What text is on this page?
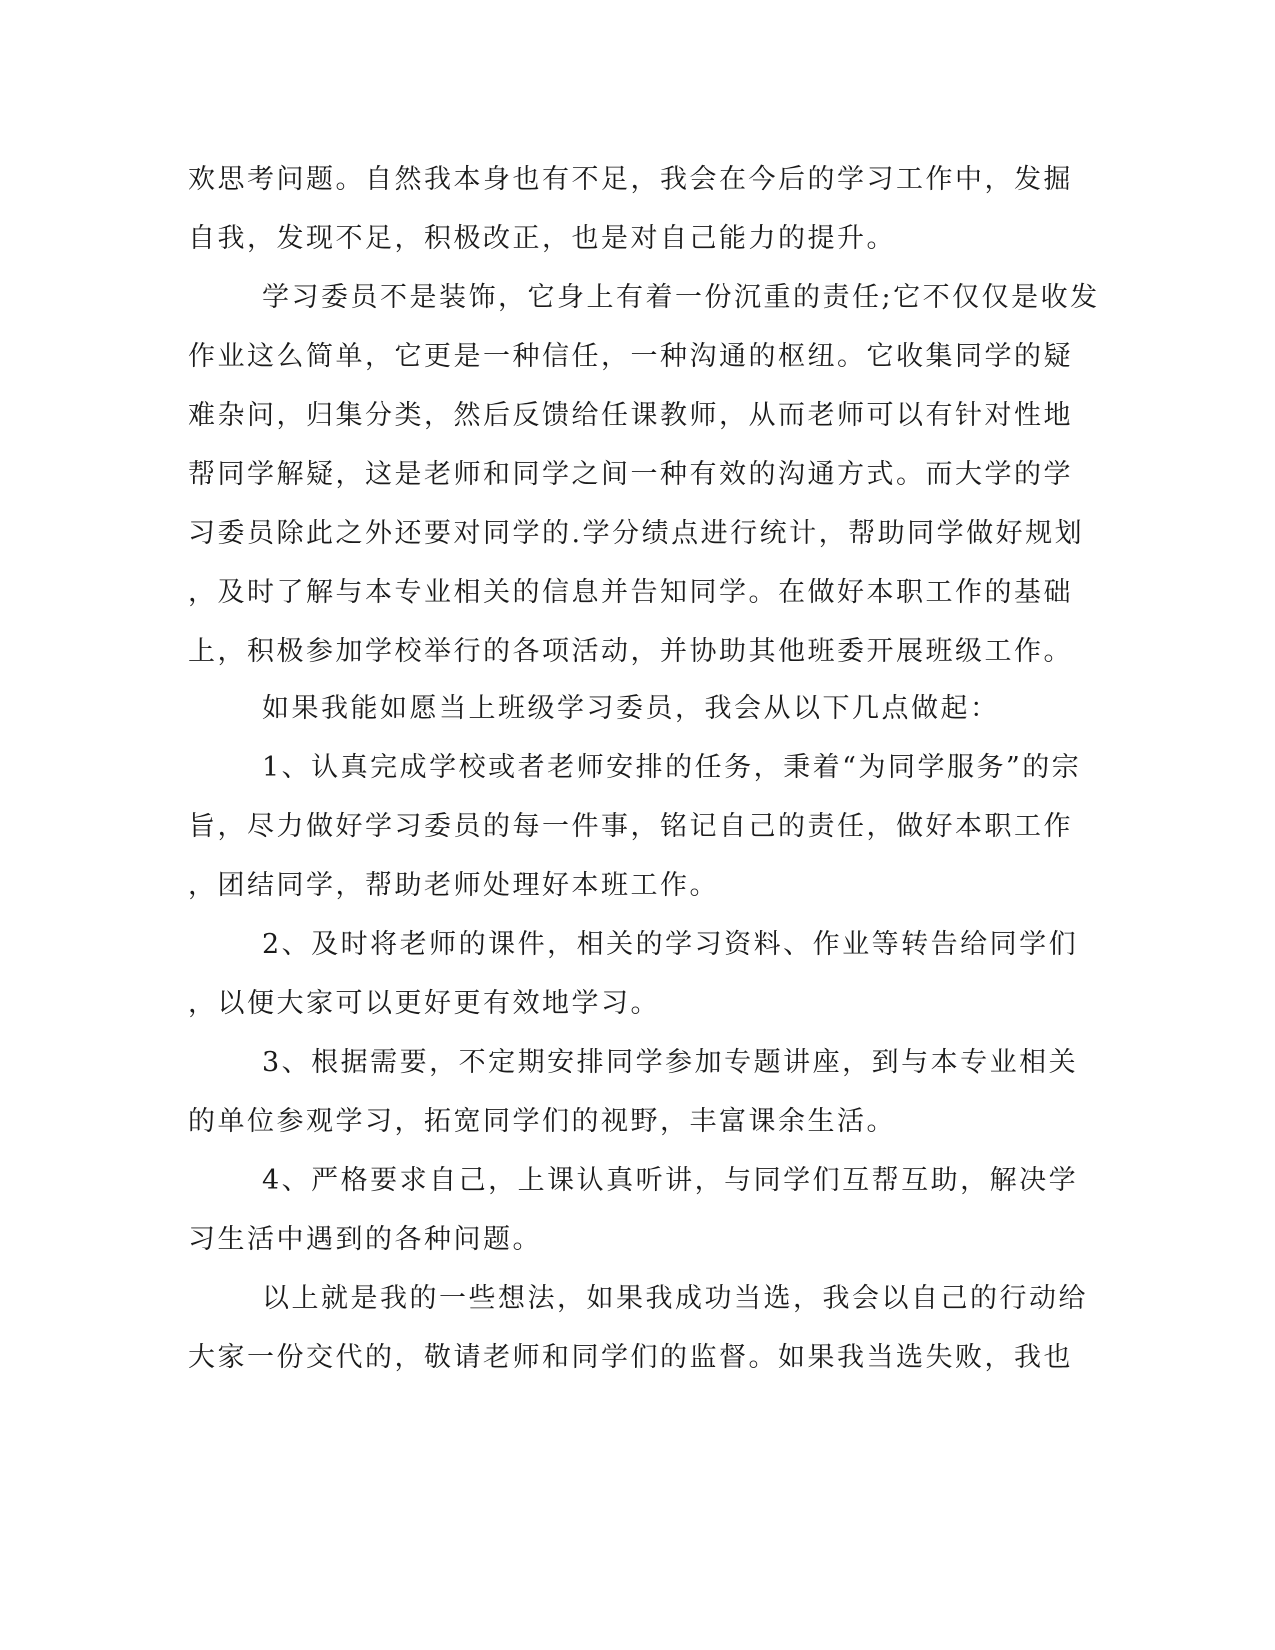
欢思考问题。自然我本身也有不足，我会在今后的学习工作中，发掘
自我，发现不足，积极改正，也是对自己能力的提升。
学习委员不是装饰，它身上有着一份沉重的责任;它不仅仅是收发
作业这么简单，它更是一种信任，一种沟通的枢纽。它收集同学的疑
难杂问，归集分类，然后反馈给任课教师，从而老师可以有针对性地
帮同学解疑，这是老师和同学之间一种有效的沟通方式。而大学的学
习委员除此之外还要对同学的.学分绩点进行统计，帮助同学做好规划
，及时了解与本专业相关的信息并告知同学。在做好本职工作的基础
上，积极参加学校举行的各项活动，并协助其他班委开展班级工作。
如果我能如愿当上班级学习委员，我会从以下几点做起：
1、认真完成学校或者老师安排的任务，秉着“为同学服务”的宗
旨，尽力做好学习委员的每一件事，铭记自己的责任，做好本职工作
，团结同学，帮助老师处理好本班工作。
2、及时将老师的课件，相关的学习资料、作业等转告给同学们
，以便大家可以更好更有效地学习。
3、根据需要，不定期安排同学参加专题讲座，到与本专业相关
的单位参观学习，拓宽同学们的视野，丰富课余生活。
4、严格要求自己，上课认真听讲，与同学们互帮互助，解决学
习生活中遇到的各种问题。
以上就是我的一些想法，如果我成功当选，我会以自己的行动给
大家一份交代的，敬请老师和同学们的监督。如果我当选失败，我也
